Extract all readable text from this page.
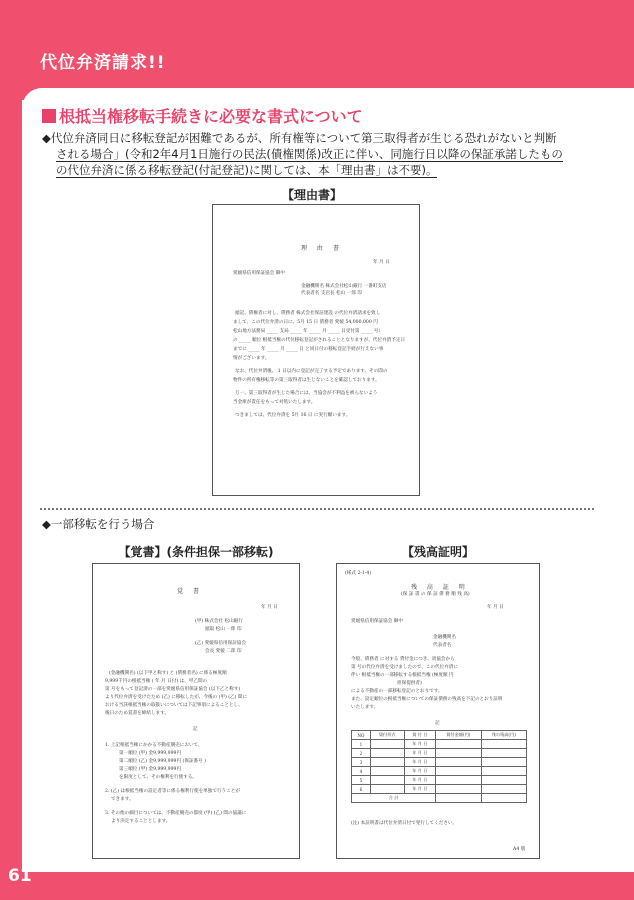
代位弁済請求!!
根抵当権移転手続きに必要な書式について
◆代位弁済同日に移転登記が困難であるが、所有権等について第三取得者が生じる恐れがないと判断
される場合」(令和2年4月1日施行の民法(債権関係)改正に伴い、同施行日以降の保証承諾したもの
の代位弁済に係る移転登記(付記登記)に関しては、本「理由書」は不要)。
【理由書】
理 由 書
年 月 日
愛媛県信用保証協会 御中
金融機関名 株式会社松山銀行 一番町支店
代表者名 支店長 松山 一郎 印
頭記、債権者に対し、債務者 株式会社保証建設 の代位弁済請求を致し
まして、この代位弁済の日に、5月 15 日 債務者 愛媛 54,000,000 円
松山地方法務局 _____ 支局 _____ 年 _____ 月 _____ 日受付第 _____ 号）
の _____ 順位 根抵当権の代位移転登記がされることとなりますが、代位弁済予定日
までに _____ 年 _____ 月 _____ 日 と同日付の移転登記手続が行えない事
情がございます。
なお、代位弁済後、 1 日以内に登記が完了する予定であります。その間の
物件の所有権移転等の第三取得者は生じないことを確認しております。
万一、第三取得者が生じた場合には、当協会が不利益を被らないよう
当金庫が責任をもって対処いたします。
つきましては、代位弁済を 5月 16 日 に実行願います。
◆一部移転を行う場合
【覚書】(条件担保一部移転)
覚 書
年 月 日
(甲) 株式会社 松山銀行
頭取 松山 一郎 印
(乙) 愛媛県信用保証協会
会長 愛媛 二郎 印
(金融機関名) (以下甲と称す) と (債務者名) に係る極度額
9,999千円の根抵当権 ( 年 月 日付) は、甲乙間の
第 号をもって登記済の一部を愛媛県信用保証協会 (以下乙と称す)
より代位弁済を受けたため (乙) に移転したが、今後の (甲) (乙) 間に
おける当該根抵当権の取扱いについては下記事項によることとし、
後日のため覚書を締結します。
記
1. 上記根抵当権にかかる不動産競売において、
第一順位 (甲) 金9,999,999円
第二順位 (乙) 金9,999,999円 (保証番号 )
第三順位 (甲) 金9,999,999円
を限度として、その権利を行使する。
2. (乙) は根抵当権の設定者等に係る権利行使を単独で行うことが
できます。
3. その他の細目については、不動産競売の都度 (甲) (乙) 間の協議に
より決定することとします。
【残高証明】
(様式 2-1-4)
残 高 証 明
(保 証 書 の 保 証 債 務 額 残 高)
年 月 日
愛媛県信用保証協会 御中
金融機関名
代表者名
今般、債務者 に対する 貸付金につき、貴協会から
第 号の代位弁済を受けましたので、この代位弁済に
伴い 根抵当権の一部移転する根抵当権 (極度額 円
担保提供者)
による不動産の一部移転登記のとおりです。
また、設定順位の根抵当権についての保証債務の残高を下記のとおり証明
いたします。
記
NO	貸付形式	貸 付 日	貸付金額(円)	残の残高(円)
1		年 月 日		
2		年 月 日		
3		年 月 日		
4		年 月 日		
5		年 月 日		
6		年 月 日		
合 計				
(注) 本証明書は代位弁済日付で発行してください。
A4 版
61
